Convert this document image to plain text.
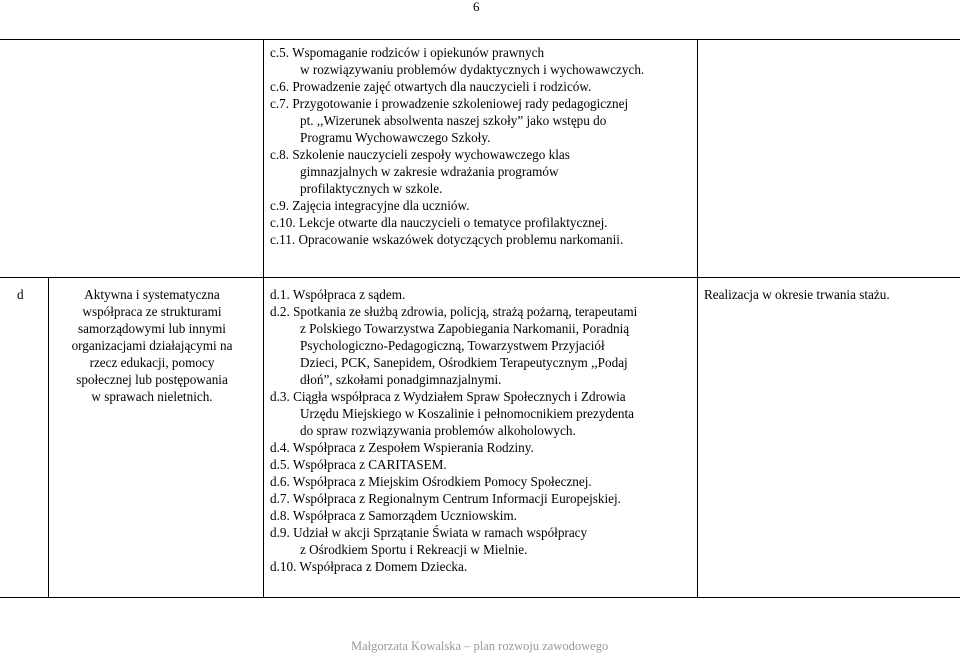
6
c.5. Wspomaganie rodziców i opiekunów prawnych
w rozwiązywaniu problemów dydaktycznych i wychowawczych.
c.6. Prowadzenie zajęć otwartych dla nauczycieli i rodziców.
c.7. Przygotowanie i prowadzenie szkoleniowej rady pedagogicznej
pt. ,,Wizerunek absolwenta naszej szkoły” jako wstępu do
Programu Wychowawczego Szkoły.
c.8. Szkolenie nauczycieli zespoły wychowawczego klas
gimnazjalnych w zakresie wdrażania programów
profilaktycznych w szkole.
c.9. Zajęcia integracyjne dla uczniów.
c.10. Lekcje otwarte dla nauczycieli o tematyce profilaktycznej.
c.11. Opracowanie wskazówek dotyczących problemu narkomanii.
d	Aktywna i systematyczna
współpraca ze strukturami
samorządowymi lub innymi
organizacjami działającymi na
rzecz edukacji, pomocy
społecznej lub postępowania
w sprawach nieletnich.
d.1. Współpraca z sądem.
d.2. Spotkania ze służbą zdrowia, policją, strażą pożarną, terapeutami
z Polskiego Towarzystwa Zapobiegania Narkomanii, Poradnią
Psychologiczno-Pedagogiczną, Towarzystwem Przyjaciół
Dzieci, PCK, Sanepidem, Ośrodkiem Terapeutycznym ,,Podaj
dłoń”, szkołami ponadgimnazjalnymi.
d.3. Ciągła współpraca z Wydziałem Spraw Społecznych i Zdrowia
Urzędu Miejskiego w Koszalinie i pełnomocnikiem prezydenta
do spraw rozwiązywania problemów alkoholowych.
d.4. Współpraca z Zespołem Wspierania Rodziny.
d.5. Współpraca z CARITASEM.
d.6. Współpraca z Miejskim Ośrodkiem Pomocy Społecznej.
d.7. Współpraca z Regionalnym Centrum Informacji Europejskiej.
d.8. Współpraca z Samorządem Uczniowskim.
d.9. Udział w akcji Sprzątanie Świata w ramach współpracy
z Ośrodkiem Sportu i Rekreacji w Mielnie.
d.10. Współpraca z Domem Dziecka.
Realizacja w okresie trwania stażu.
Małgorzata Kowalska – plan rozwoju zawodowego
